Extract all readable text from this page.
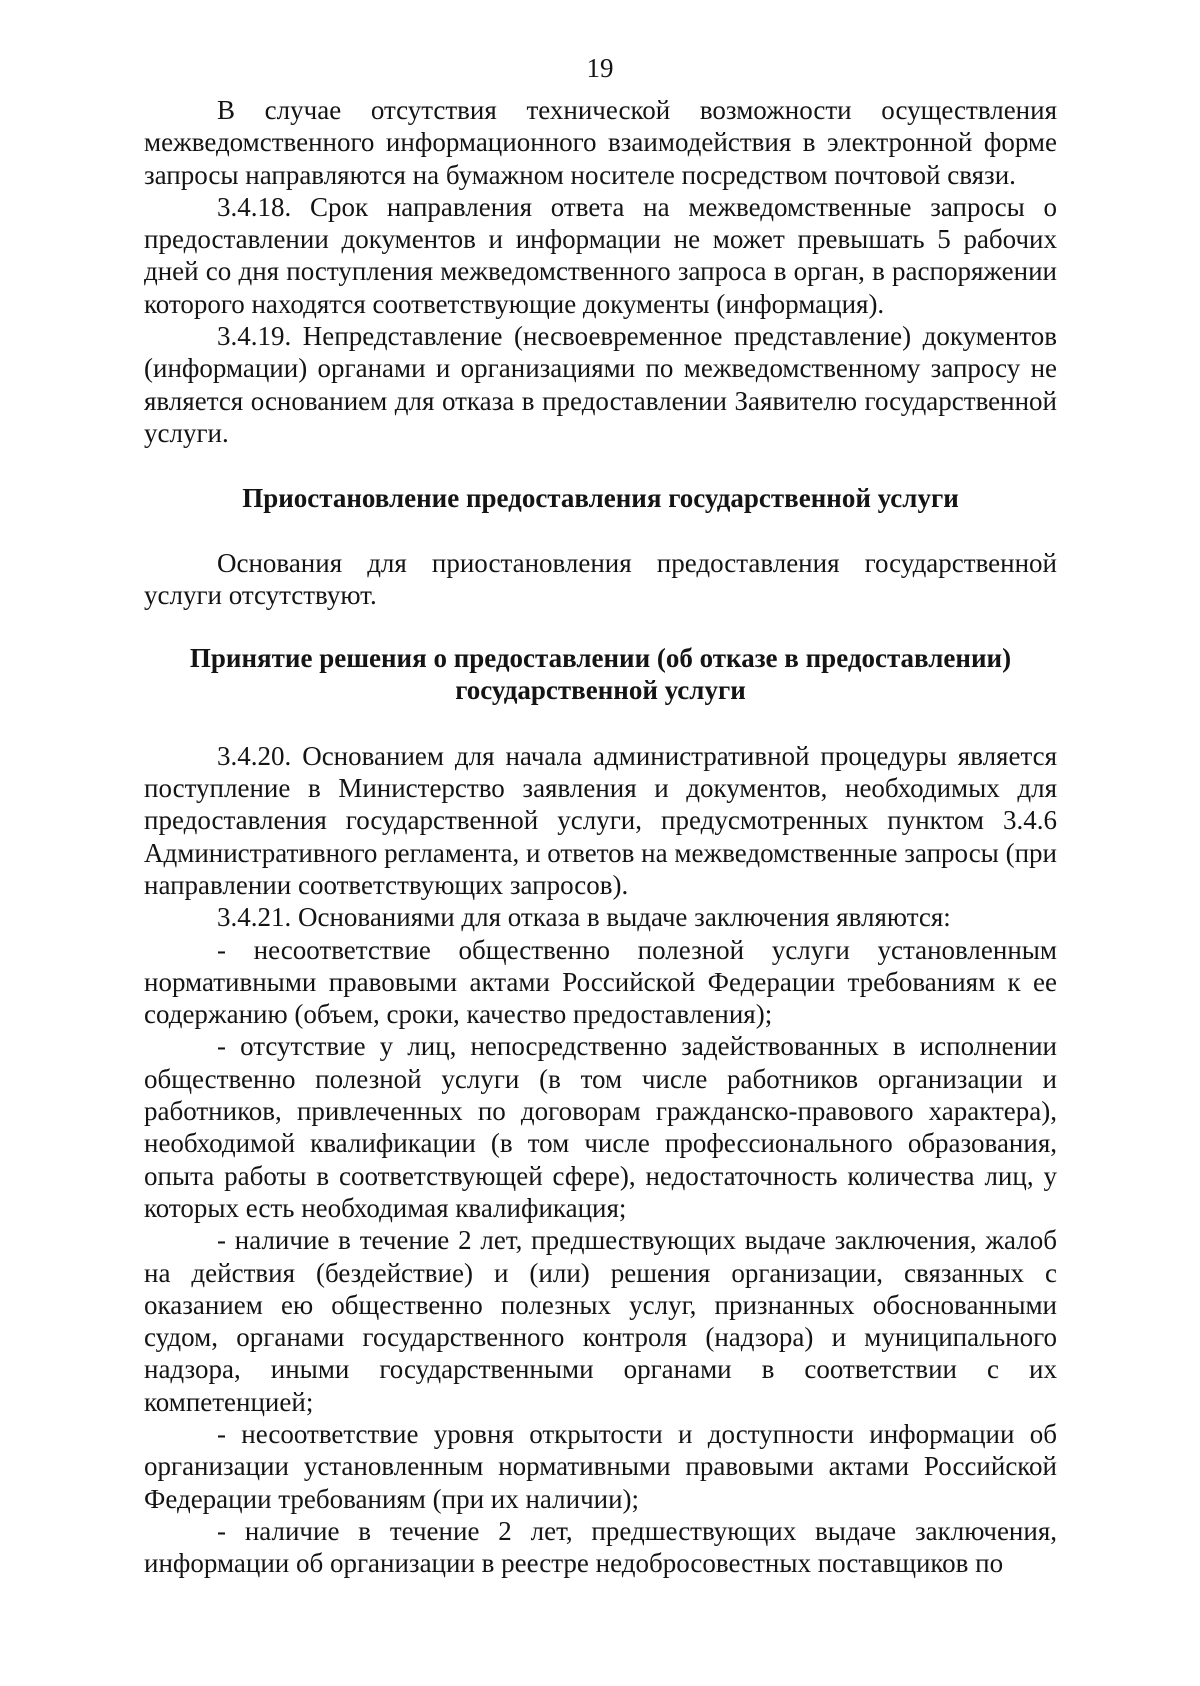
19

В случае отсутствия технической возможности осуществления межведомственного информационного взаимодействия в электронной форме запросы направляются на бумажном носителе посредством почтовой связи.

3.4.18. Срок направления ответа на межведомственные запросы о предоставлении документов и информации не может превышать 5 рабочих дней со дня поступления межведомственного запроса в орган, в распоряжении которого находятся соответствующие документы (информация).

3.4.19. Непредставление (несвоевременное представление) документов (информации) органами и организациями по межведомственному запросу не является основанием для отказа в предоставлении Заявителю государственной услуги.

Приостановление предоставления государственной услуги

Основания для приостановления предоставления государственной услуги отсутствуют.

Принятие решения о предоставлении (об отказе в предоставлении)

государственной услуги

3.4.20. Основанием для начала административной процедуры является поступление в Министерство заявления и документов, необходимых для предоставления государственной услуги, предусмотренных пунктом 3.4.6 Административного регламента, и ответов на межведомственные запросы (при направлении соответствующих запросов).

3.4.21. Основаниями для отказа в выдаче заключения являются:

- несоответствие общественно полезной услуги установленным нормативными правовыми актами Российской Федерации требованиям к ее содержанию (объем, сроки, качество предоставления);

- отсутствие у лиц, непосредственно задействованных в исполнении общественно полезной услуги (в том числе работников организации и работников, привлеченных по договорам гражданско-правового характера), необходимой квалификации (в том числе профессионального образования, опыта работы в соответствующей сфере), недостаточность количества лиц, у которых есть необходимая квалификация;

- наличие в течение 2 лет, предшествующих выдаче заключения, жалоб на действия (бездействие) и (или) решения организации, связанных с оказанием ею общественно полезных услуг, признанных обоснованными судом, органами государственного контроля (надзора) и муниципального надзора, иными государственными органами в соответствии с их компетенцией;

- несоответствие уровня открытости и доступности информации об организации установленным нормативными правовыми актами Российской Федерации требованиям (при их наличии);

- наличие в течение 2 лет, предшествующих выдаче заключения, информации об организации в реестре недобросовестных поставщиков по
